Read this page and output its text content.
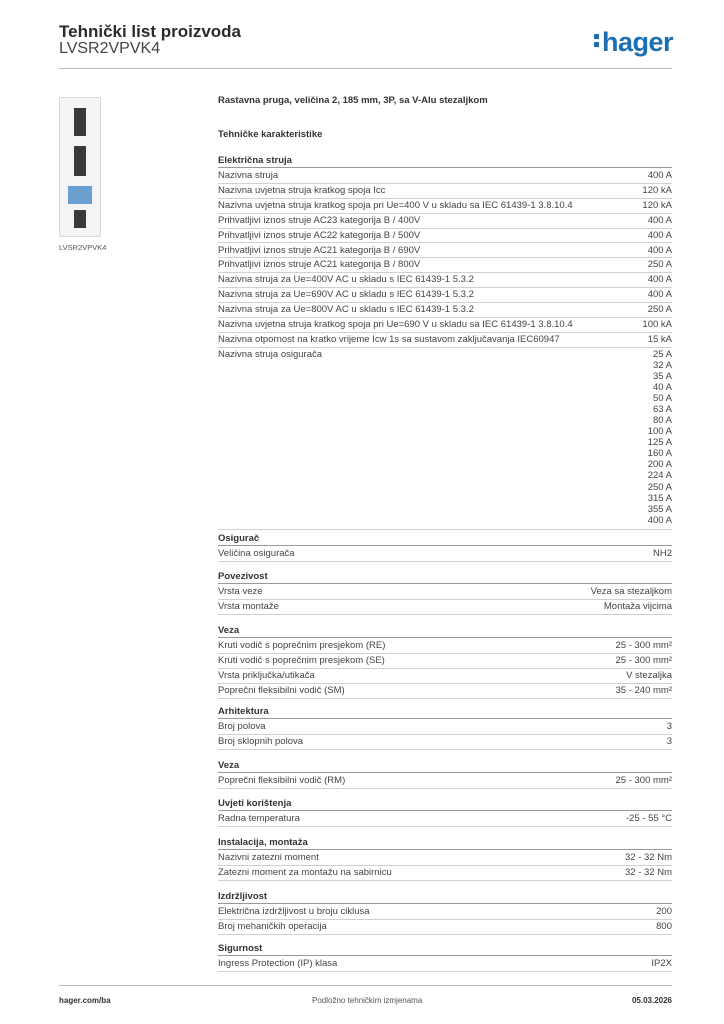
Tehnički list proizvoda
LVSR2VPVK4	hager
LVSR2VPVK4
Rastavna pruga, veličina 2, 185 mm, 3P, sa V-Alu stezaljkom
Tehničke karakteristike
Električna struja
Nazivna struja	400 A
Nazivna uvjetna struja kratkog spoja Icc	120 kA
Nazivna uvjetna struja kratkog spoja pri Ue=400 V u skladu sa IEC 61439-1 3.8.10.4	120 kA
Prihvatljivi iznos struje AC23 kategorija B / 400V	400 A
Prihvatljivi iznos struje AC22 kategorija B / 500V	400 A
Prihvatljivi iznos struje AC21 kategorija B / 690V	400 A
Prihvatljivi iznos struje AC21 kategorija B / 800V	250 A
Nazivna struja za Ue=400V AC u skladu s IEC 61439-1 5.3.2	400 A
Nazivna struja za Ue=690V AC u skladu s IEC 61439-1 5.3.2	400 A
Nazivna struja za Ue=800V AC u skladu s IEC 61439-1 5.3.2	250 A
Nazivna uvjetna struja kratkog spoja pri Ue=690 V u skladu sa IEC 61439-1 3.8.10.4	100 kA
Nazivna otpornost na kratko vrijeme Icw 1s sa sustavom zaključavanja IEC60947	15 kA
Nazivna struja osigurača	25 A
32 A
35 A
40 A
50 A
63 A
80 A
100 A
125 A
160 A
200 A
224 A
250 A
315 A
355 A
400 A
Osigurač
Veličina osigurača	NH2
Povezivost
Vrsta veze	Veza sa stezaljkom
Vrsta montaže	Montaža vijcima
Veza
Kruti vodič s poprečnim presjekom (RE)	25 - 300 mm²
Kruti vodič s poprečnim presjekom (SE)	25 - 300 mm²
Vrsta priključka/utikača	V stezaljka
Poprečni fleksibilni vodič (SM)	35 - 240 mm²
Arhitektura
Broj polova	3
Broj sklopnih polova	3
Veza
Poprečni fleksibilni vodič (RM)	25 - 300 mm²
Uvjeti korištenja
Radna temperatura	-25 - 55 °C
Instalacija, montaža
Nazivni zatezni moment	32 - 32 Nm
Zatezni moment za montažu na sabirnicu	32 - 32 Nm
Izdržljivost
Električna izdržljivost u broju ciklusa	200
Broj mehaničkih operacija	800
Sigurnost
Ingress Protection (IP) klasa	IP2X
hager.com/ba	Podložno tehničkim izmjenama	05.03.2026
